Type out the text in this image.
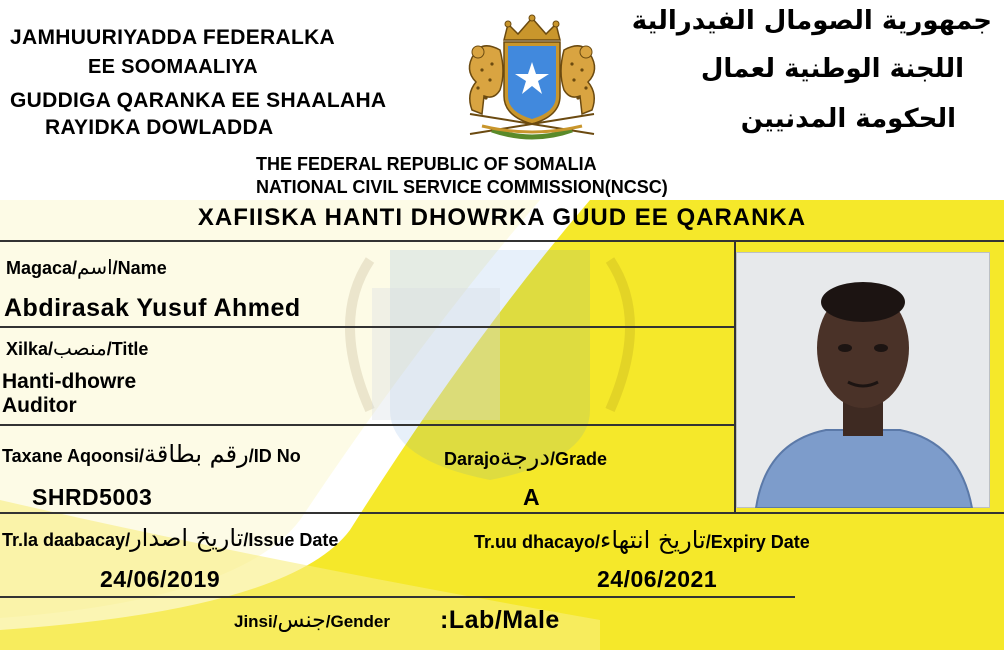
JAMHUURIYADDA FEDERALKA
EE SOOMAALIYA
GUDDIGA QARANKA EE SHAALAHA
RAYIDKA DOWLADDA
جمهورية الصومال الفيدرالية
اللجنة الوطنية لعمال
الحكومة المدنيين
THE FEDERAL REPUBLIC OF SOMALIA
NATIONAL CIVIL SERVICE COMMISSION(NCSC)
XAFIISKA HANTI DHOWRKA GUUD EE QARANKA
Magaca/اسم/Name
Abdirasak Yusuf Ahmed
Xilka/منصب/Title
Hanti-dhowre
Auditor
Taxane Aqoonsi/رقم بطاقة/ID No
SHRD5003
Darajoدرجة/Grade
A
Tr.la daabacay/تاريخ اصدار/Issue Date
24/06/2019
Tr.uu dhacayo/تاريخ انتهاء/Expiry Date
24/06/2021
Jinsi/جنس/Gender :Lab/Male
